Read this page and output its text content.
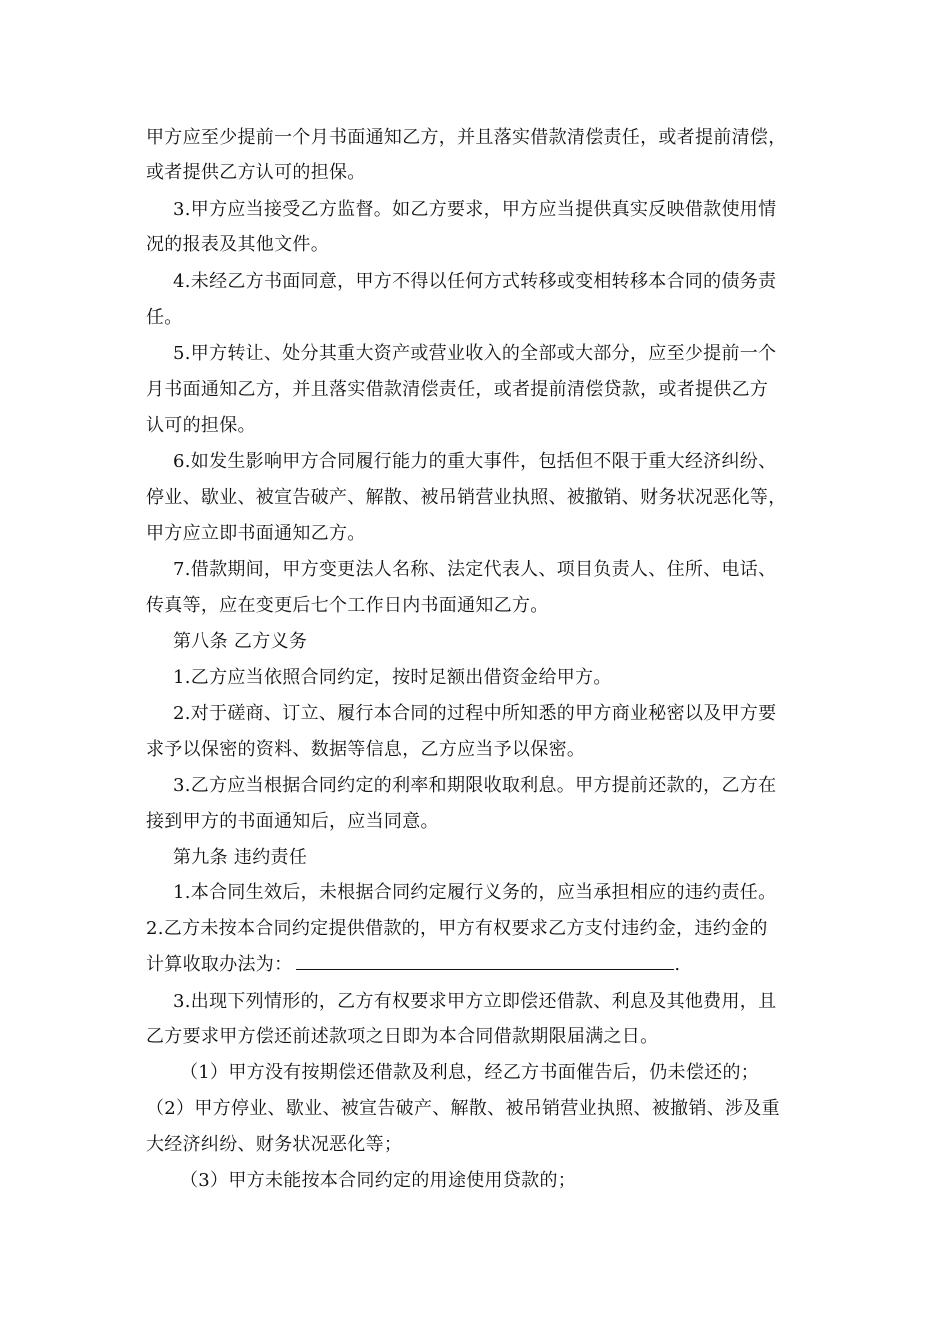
甲方应至少提前一个月书面通知乙方，并且落实借款清偿责任，或者提前清偿，
或者提供乙方认可的担保。
3.甲方应当接受乙方监督。如乙方要求，甲方应当提供真实反映借款使用情
况的报表及其他文件。
4.未经乙方书面同意，甲方不得以任何方式转移或变相转移本合同的债务责
任。
5.甲方转让、处分其重大资产或营业收入的全部或大部分，应至少提前一个
月书面通知乙方，并且落实借款清偿责任，或者提前清偿贷款，或者提供乙方
认可的担保。
6.如发生影响甲方合同履行能力的重大事件，包括但不限于重大经济纠纷、
停业、歇业、被宣告破产、解散、被吊销营业执照、被撤销、财务状况恶化等，
甲方应立即书面通知乙方。
7.借款期间，甲方变更法人名称、法定代表人、项目负责人、住所、电话、
传真等，应在变更后七个工作日内书面通知乙方。
第八条 乙方义务
1.乙方应当依照合同约定，按时足额出借资金给甲方。
2.对于磋商、订立、履行本合同的过程中所知悉的甲方商业秘密以及甲方要
求予以保密的资料、数据等信息，乙方应当予以保密。
3.乙方应当根据合同约定的利率和期限收取利息。甲方提前还款的，乙方在
接到甲方的书面通知后，应当同意。
第九条 违约责任
1.本合同生效后，未根据合同约定履行义务的，应当承担相应的违约责任。
2.乙方未按本合同约定提供借款的，甲方有权要求乙方支付违约金，违约金的
计算收取办法为：	.
3.出现下列情形的，乙方有权要求甲方立即偿还借款、利息及其他费用，且
乙方要求甲方偿还前述款项之日即为本合同借款期限届满之日。
（1）甲方没有按期偿还借款及利息，经乙方书面催告后，仍未偿还的；
（2）甲方停业、歇业、被宣告破产、解散、被吊销营业执照、被撤销、涉及重
大经济纠纷、财务状况恶化等；
（3）甲方未能按本合同约定的用途使用贷款的；
